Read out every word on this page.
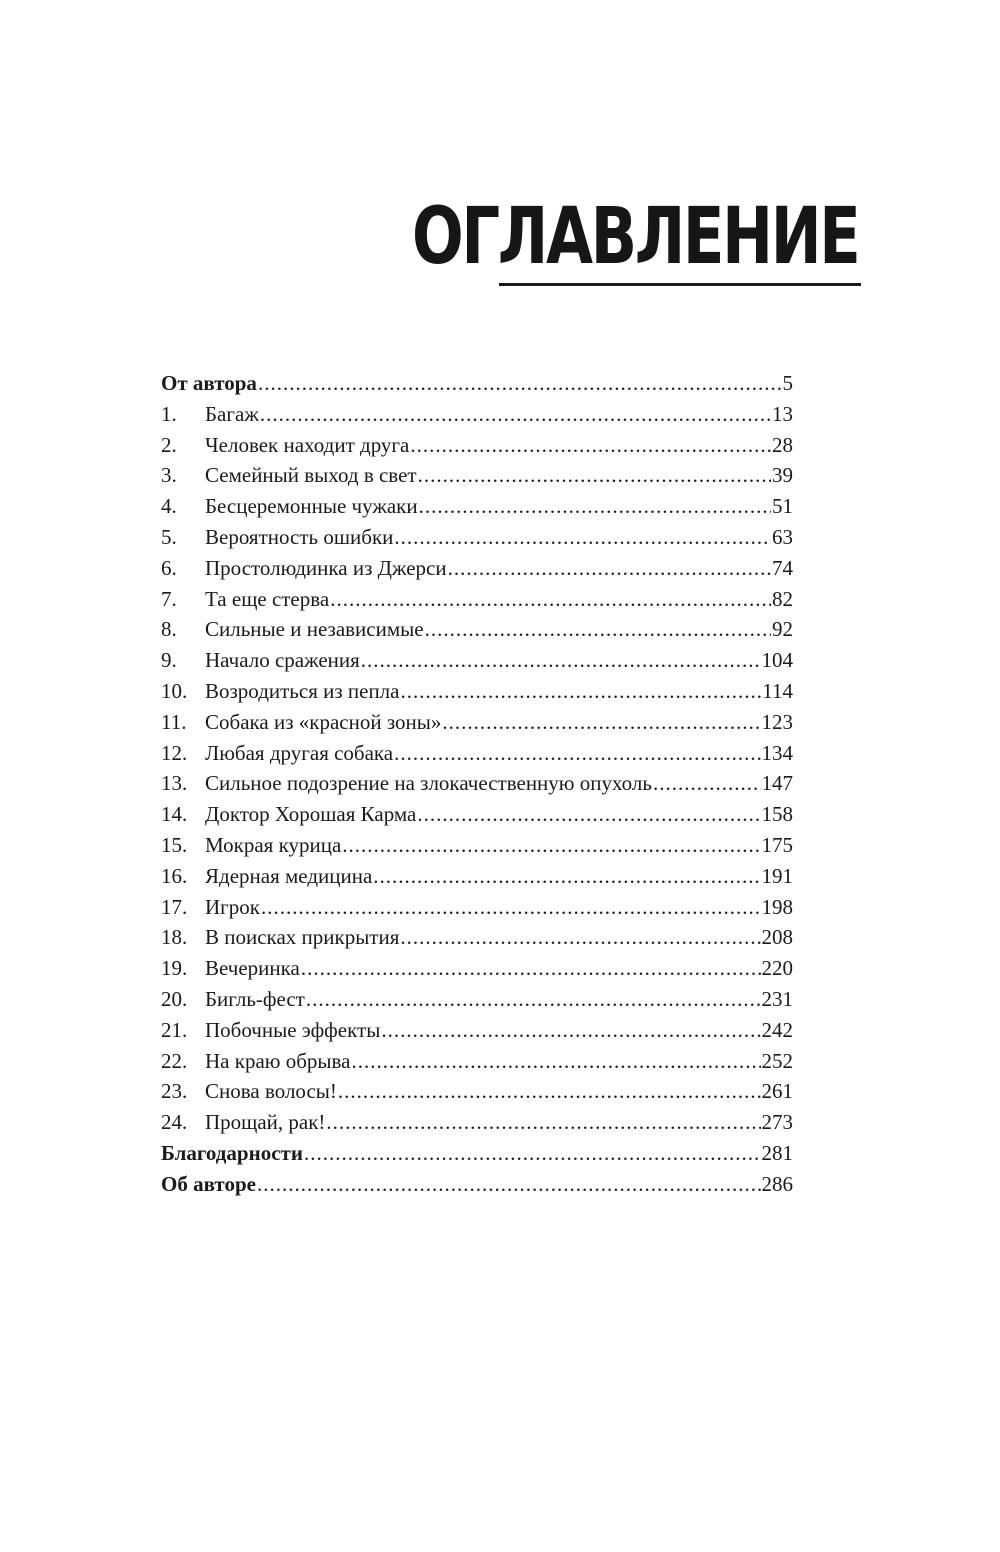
ОГЛАВЛЕНИЕ
От автора .....	5
1.	Багаж .....	13
2.	Человек находит друга .....	28
3.	Семейный выход в свет .....	39
4.	Бесцеремонные чужаки .....	51
5.	Вероятность ошибки .....	63
6.	Простолюдинка из Джерси .....	74
7.	Та еще стерва .....	82
8.	Сильные и независимые .....	92
9.	Начало сражения .....	104
10. Возродиться из пепла .....	114
11. Собака из «красной зоны» .....	123
12. Любая другая собака .....	134
13. Сильное подозрение на злокачественную опухоль .....	147
14. Доктор Хорошая Карма .....	158
15. Мокрая курица .....	175
16. Ядерная медицина .....	191
17. Игрок .....	198
18. В поисках прикрытия .....	208
19. Вечеринка .....	220
20. Бигль-фест .....	231
21. Побочные эффекты .....	242
22. На краю обрыва .....	252
23. Снова волосы! .....	261
24. Прощай, рак! .....	273
Благодарности .....	281
Об авторе .....	286
